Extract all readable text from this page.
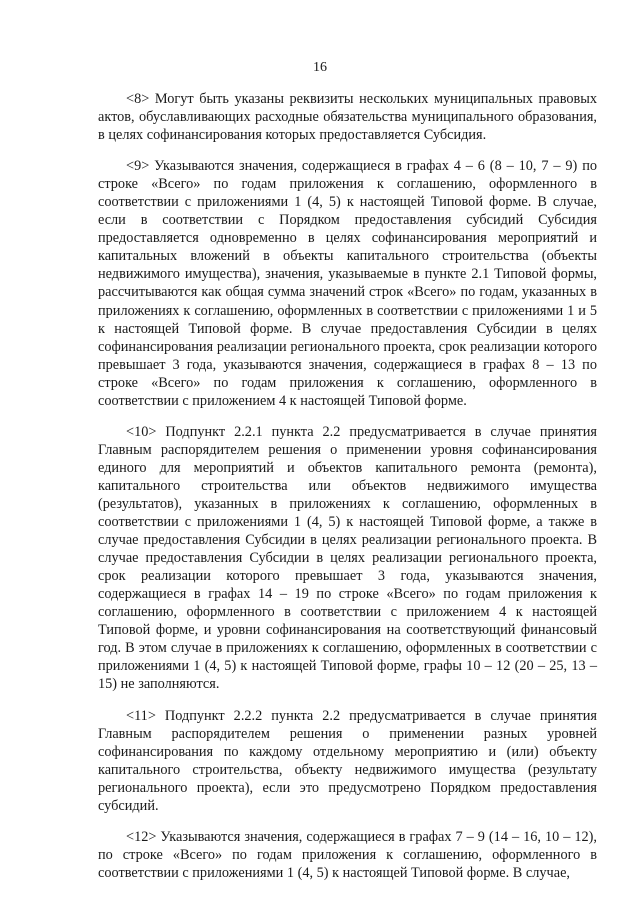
16

<8> Могут быть указаны реквизиты нескольких муниципальных правовых актов, обуславливающих расходные обязательства муниципального образования, в целях софинансирования которых предоставляется Субсидия.

<9> Указываются значения, содержащиеся в графах 4 – 6 (8 – 10, 7 – 9) по строке «Всего» по годам приложения к соглашению, оформленного в соответствии с приложениями 1 (4, 5) к настоящей Типовой форме. В случае, если в соответствии с Порядком предоставления субсидий Субсидия предоставляется одновременно в целях софинансирования мероприятий и капитальных вложений в объекты капитального строительства (объекты недвижимого имущества), значения, указываемые в пункте 2.1 Типовой формы, рассчитываются как общая сумма значений строк «Всего» по годам, указанных в приложениях к соглашению, оформленных в соответствии с приложениями 1 и 5 к настоящей Типовой форме. В случае предоставления Субсидии в целях софинансирования реализации регионального проекта, срок реализации которого превышает 3 года, указываются значения, содержащиеся в графах 8 – 13 по строке «Всего» по годам приложения к соглашению, оформленного в соответствии с приложением 4 к настоящей Типовой форме.

<10> Подпункт 2.2.1 пункта 2.2 предусматривается в случае принятия Главным распорядителем решения о применении уровня софинансирования единого для мероприятий и объектов капитального ремонта (ремонта), капитального строительства или объектов недвижимого имущества (результатов), указанных в приложениях к соглашению, оформленных в соответствии с приложениями 1 (4, 5) к настоящей Типовой форме, а также в случае предоставления Субсидии в целях реализации регионального проекта. В случае предоставления Субсидии в целях реализации регионального проекта, срок реализации которого превышает 3 года, указываются значения, содержащиеся в графах 14 – 19 по строке «Всего» по годам приложения к соглашению, оформленного в соответствии с приложением 4 к настоящей Типовой форме, и уровни софинансирования на соответствующий финансовый год. В этом случае в приложениях к соглашению, оформленных в соответствии с приложениями 1 (4, 5) к настоящей Типовой форме, графы 10 – 12 (20 – 25, 13 – 15) не заполняются.

<11> Подпункт 2.2.2 пункта 2.2 предусматривается в случае принятия Главным распорядителем решения о применении разных уровней софинансирования по каждому отдельному мероприятию и (или) объекту капитального строительства, объекту недвижимого имущества (результату регионального проекта), если это предусмотрено Порядком предоставления субсидий.

<12> Указываются значения, содержащиеся в графах 7 – 9 (14 – 16, 10 – 12), по строке «Всего» по годам приложения к соглашению, оформленного в соответствии с приложениями 1 (4, 5) к настоящей Типовой форме. В случае,
